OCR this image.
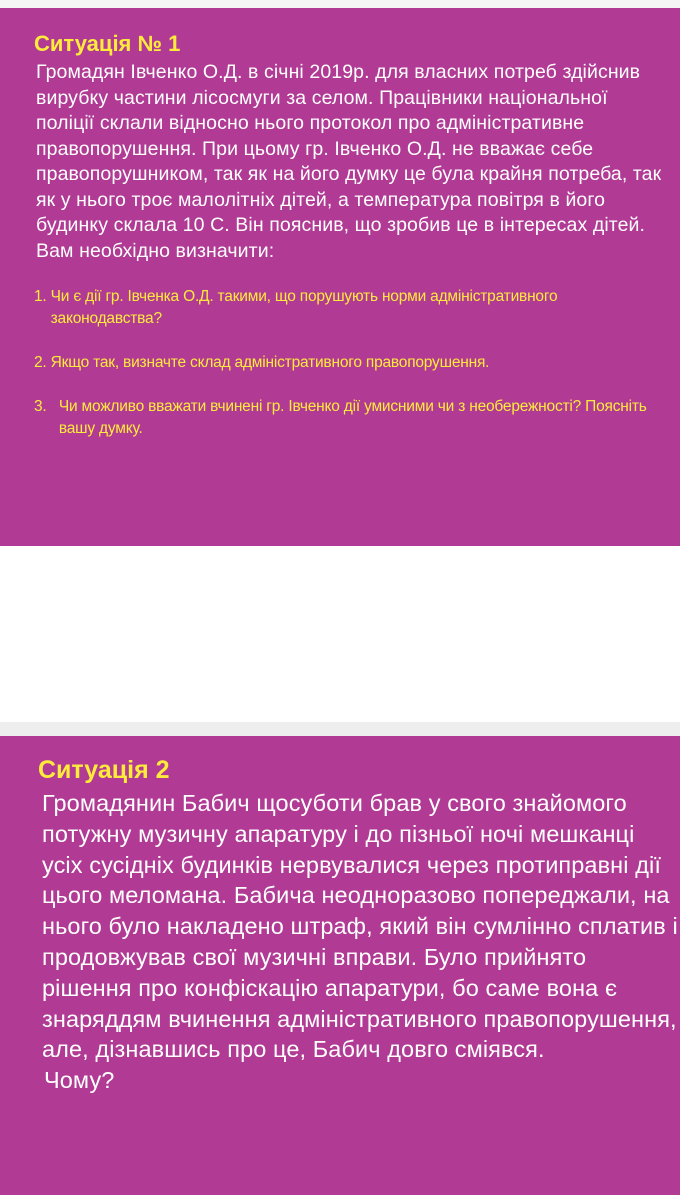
Ситуація № 1

Громадян Івченко О.Д. в січні 2019р. для власних потреб здійснив вирубку частини лісосмуги за селом. Працівники національної поліції склали відносно нього протокол про адміністративне правопорушення. При цьому гр. Івченко О.Д. не вважає себе правопорушником, так як на його думку це була крайня потреба, так як у нього троє малолітніх дітей, а температура повітря в його будинку склала 10 С. Він пояснив, що зробив це в інтересах дітей. Вам необхідно визначити:

1. Чи є дії гр. Івченка О.Д. такими, що порушують норми адміністративного законодавства?
2. Якщо так, визначте склад адміністративного правопорушення.
3. Чи можливо вважати вчинені гр. Івченко дії умисними чи з необережності? Поясніть вашу думку.
Ситуація 2

Громадянин Бабич щосуботи брав у свого знайомого потужну музичну апаратуру і до пізньої ночі мешканці усіх сусідніх будинків нервувалися через протиправні дії цього меломана. Бабича неодноразово попереджали, на нього було накладено штраф, який він сумлінно сплатив і продовжував свої музичні вправи. Було прийнято рішення про конфіскацію апаратури, бо саме вона є знаряддям вчинення адміністративного правопорушення, але, дізнавшись про це, Бабич довго сміявся.

Чому?
